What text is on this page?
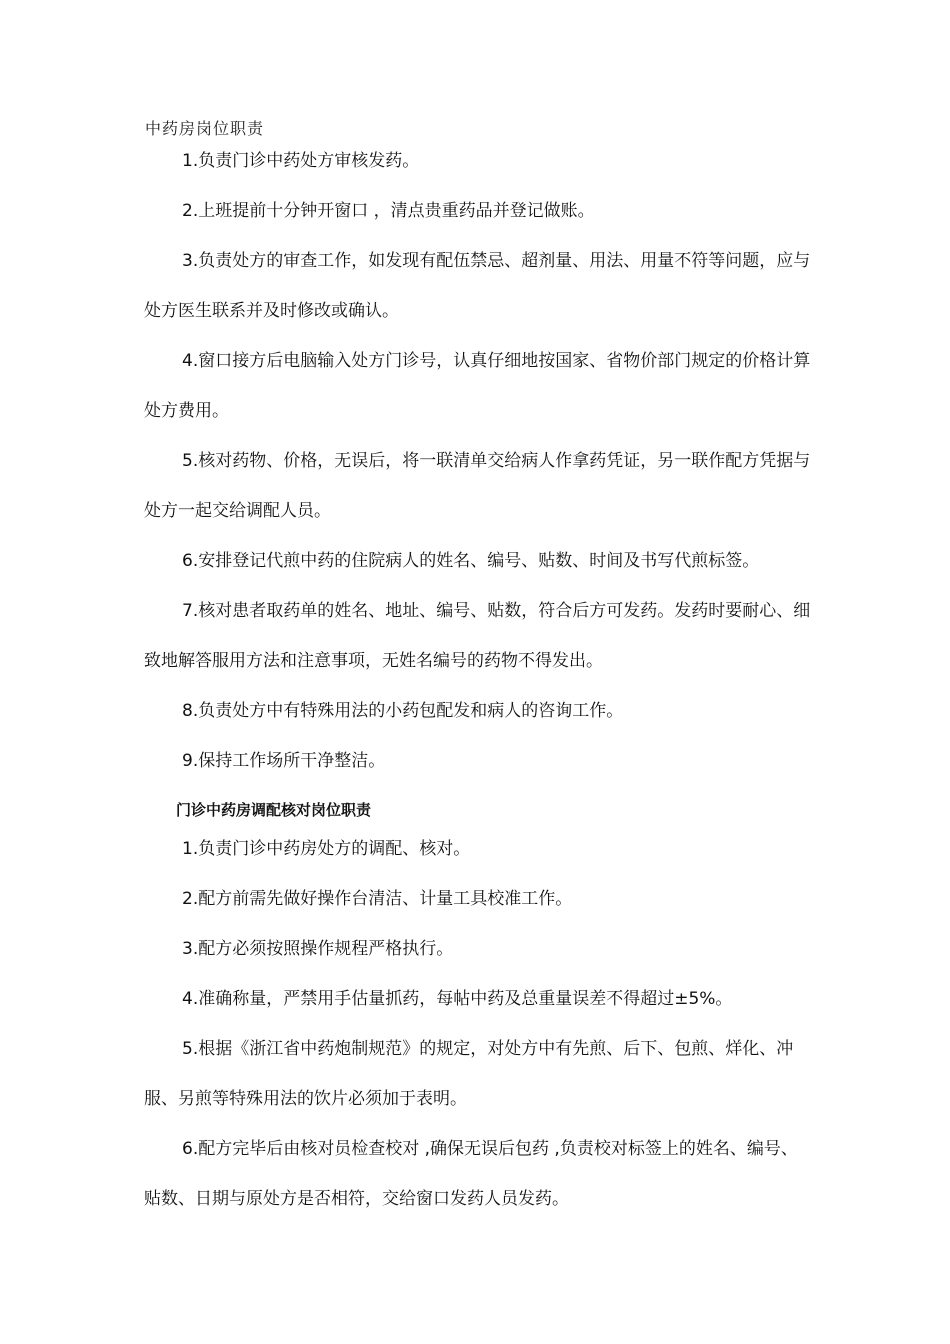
中药房岗位职责

1.负责门诊中药处方审核发药。

2.上班提前十分钟开窗口 ，清点贵重药品并登记做账。

3.负责处方的审查工作，如发现有配伍禁忌、超剂量、用法、用量不符等问题，应与处方医生联系并及时修改或确认。

4.窗口接方后电脑输入处方门诊号，认真仔细地按国家、省物价部门规定的价格计算处方费用。

5.核对药物、价格，无误后，将一联清单交给病人作拿药凭证，另一联作配方凭据与处方一起交给调配人员。

6.安排登记代煎中药的住院病人的姓名、编号、贴数、时间及书写代煎标签。

7.核对患者取药单的姓名、地址、编号、贴数，符合后方可发药。发药时要耐心、细致地解答服用方法和注意事项，无姓名编号的药物不得发出。

8.负责处方中有特殊用法的小药包配发和病人的咨询工作。

9.保持工作场所干净整洁。

门诊中药房调配核对岗位职责

1.负责门诊中药房处方的调配、核对。

2.配方前需先做好操作台清洁、计量工具校准工作。

3.配方必须按照操作规程严格执行。

4.准确称量，严禁用手估量抓药，每帖中药及总重量误差不得超过±5%。

5.根据《浙江省中药炮制规范》的规定，对处方中有先煎、后下、包煎、烊化、冲服、另煎等特殊用法的饮片必须加于表明。

6.配方完毕后由核对员检查校对 ,确保无误后包药 ,负责校对标签上的姓名、编号、贴数、日期与原处方是否相符，交给窗口发药人员发药。
